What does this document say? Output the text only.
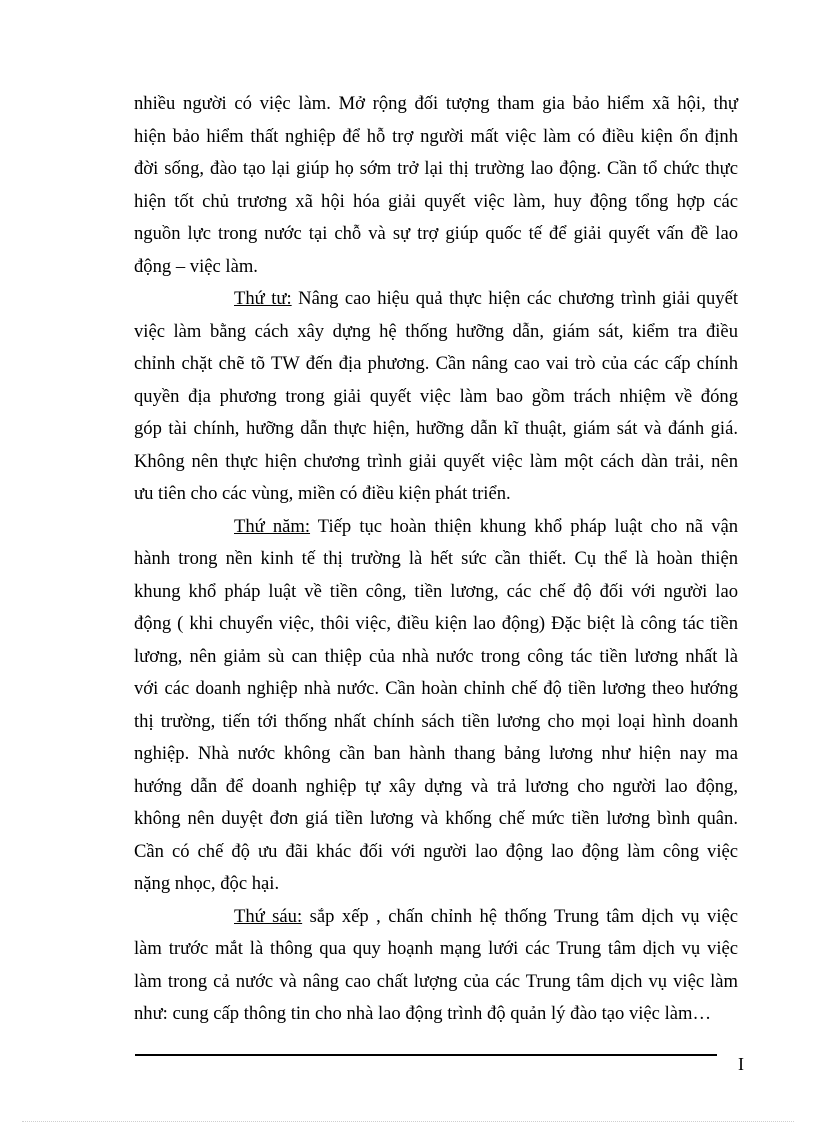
nhiều người có việc làm. Mở rộng đối tượng tham gia bảo hiểm xã hội, thự
hiện bảo hiểm thất nghiệp để hỗ trợ người mất việc làm có điều kiện ổn định
đời sống, đào tạo lại giúp họ sớm trở lại thị trường lao động. Cần tổ chức thực
hiện tốt chủ trương xã hội hóa giải quyết việc làm, huy động tổng hợp các
nguồn lực trong nước tại chỗ và sự trợ giúp quốc tế để giải quyết vấn đề lao
động – việc làm.
Thứ tư: Nâng cao hiệu quả thực hiện các chương trình giải quyết
việc làm bằng cách xây dựng hệ thống hưỡng dẫn, giám sát, kiểm tra điều
chỉnh chặt chẽ tõ TW đến địa phương. Cần nâng cao vai trò của các cấp chính
quyền địa phương trong giải quyết việc làm bao gồm trách nhiệm về đóng
góp tài chính, hưỡng dẫn thực hiện, hưỡng dẫn kĩ thuật, giám sát và đánh giá.
Không nên thực hiện chương trình giải quyết việc làm một cách dàn trải, nên
ưu tiên cho các vùng, miền có điều kiện phát triển.
Thứ năm: Tiếp tục hoàn thiện khung khổ pháp luật cho nã vận
hành trong nền kinh tế thị trường là hết sức cần thiết. Cụ thể là hoàn thiện
khung khổ pháp luật về tiền công, tiền lương, các chế độ đối với người lao
động ( khi chuyển việc, thôi việc, điều kiện lao động) Đặc biệt là công tác tiền
lương, nên giảm sù can thiệp của nhà nước trong công tác tiền lương nhất là
với các doanh nghiệp nhà nước. Cần hoàn chỉnh chế độ tiền lương theo hướng
thị trường, tiến tới thống nhất chính sách tiền lương cho mọi loại hình doanh
nghiệp. Nhà nước không cần ban hành thang bảng lương như hiện nay ma
hướng dẫn để doanh nghiệp tự xây dựng và trả lương cho người lao động,
không nên duyệt đơn giá tiền lương và khống chế mức tiền lương bình quân.
Cần có chế độ ưu đãi khác đối với người lao động lao động làm công việc
nặng nhọc, độc hại.
Thứ sáu: sắp xếp , chấn chỉnh hệ thống Trung tâm dịch vụ việc
làm trước mắt là thông qua quy hoạnh mạng lưới các Trung tâm dịch vụ việc
làm trong cả nước và nâng cao chất lượng của các Trung tâm dịch vụ việc làm
như: cung cấp thông tin cho nhà lao động trình độ quản lý đào tạo việc làm…
I
